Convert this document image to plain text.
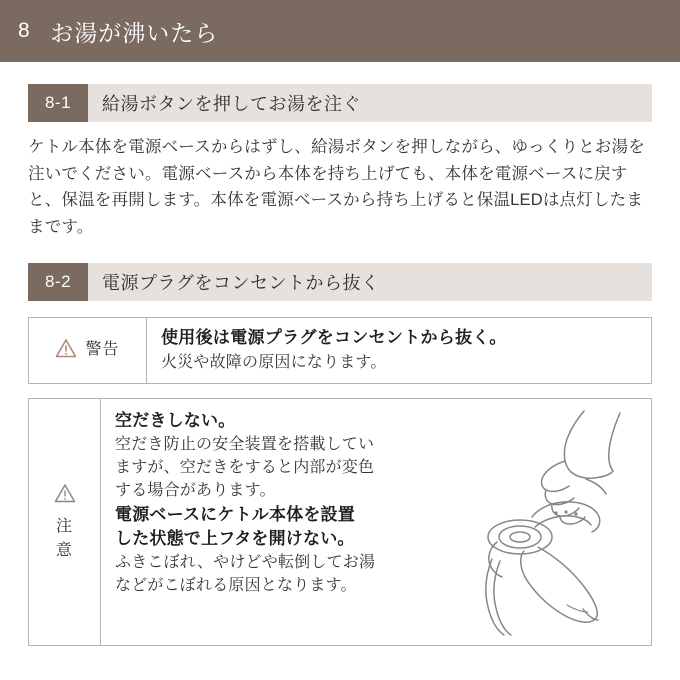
8 お湯が沸いたら
8-1	給湯ボタンを押してお湯を注ぐ
ケトル本体を電源ベースからはずし、給湯ボタンを押しながら、ゆっくりとお湯を注いでください。電源ベースから本体を持ち上げても、本体を電源ベースに戻すと、保温を再開します。本体を電源ベースから持ち上げると保温LEDは点灯したままです。
8-2	電源プラグをコンセントから抜く
警告
使用後は電源プラグをコンセントから抜く。
火災や故障の原因になります。
注
意
空だきしない。
空だき防止の安全装置を搭載してい
ますが、空だきをすると内部が変色
する場合があります。
電源ベースにケトル本体を設置
した状態で上フタを開けない。
ふきこぼれ、やけどや転倒してお湯
などがこぼれる原因となります。
